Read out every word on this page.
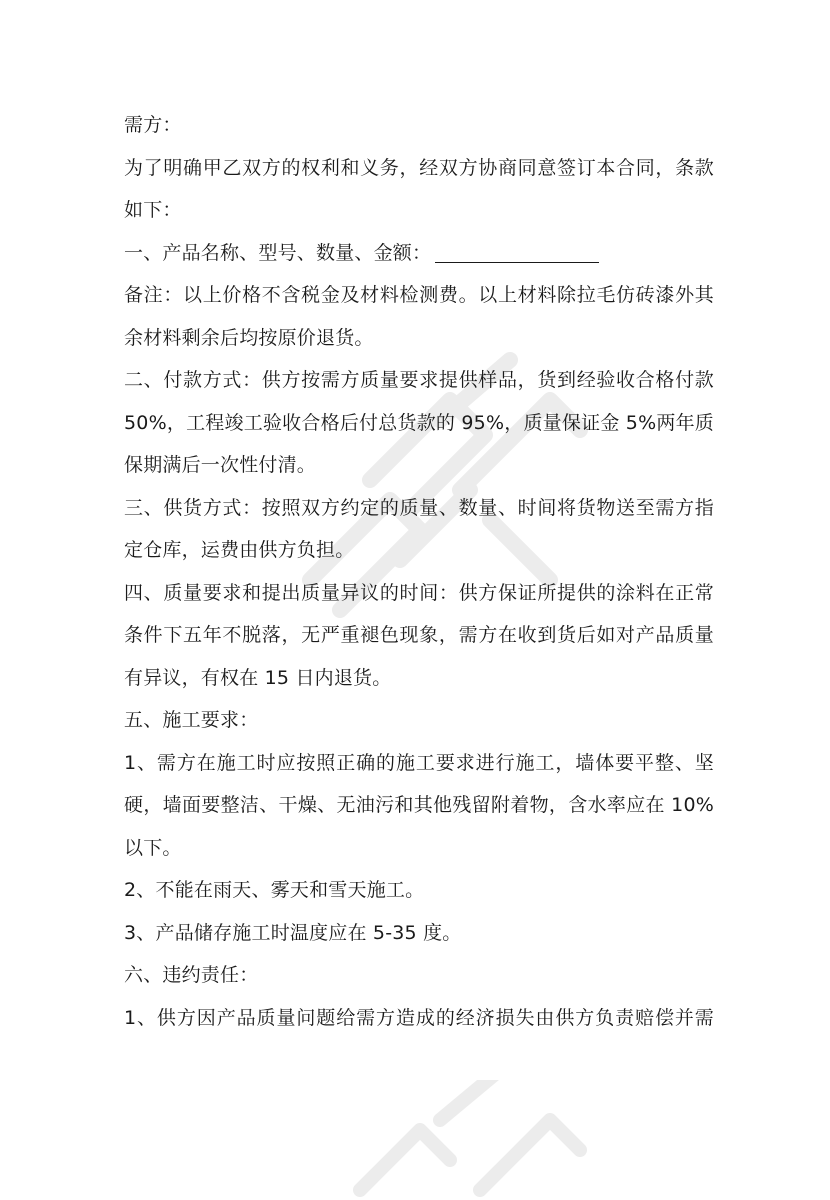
需方：
为了明确甲乙双方的权利和义务，经双方协商同意签订本合同，条款
如下：
一、产品名称、型号、数量、金额：
备注：以上价格不含税金及材料检测费。以上材料除拉毛仿砖漆外其
余材料剩余后均按原价退货。
二、付款方式：供方按需方质量要求提供样品，货到经验收合格付款
50%，工程竣工验收合格后付总货款的 95%，质量保证金 5%两年质
保期满后一次性付清。
三、供货方式：按照双方约定的质量、数量、时间将货物送至需方指
定仓库，运费由供方负担。
四、质量要求和提出质量异议的时间：供方保证所提供的涂料在正常
条件下五年不脱落，无严重褪色现象，需方在收到货后如对产品质量
有异议，有权在 15 日内退货。
五、施工要求：
1、需方在施工时应按照正确的施工要求进行施工，墙体要平整、坚
硬，墙面要整洁、干燥、无油污和其他残留附着物，含水率应在 10%
以下。
2、不能在雨天、雾天和雪天施工。
3、产品储存施工时温度应在 5-35 度。
六、违约责任：
1、供方因产品质量问题给需方造成的经济损失由供方负责赔偿并需
